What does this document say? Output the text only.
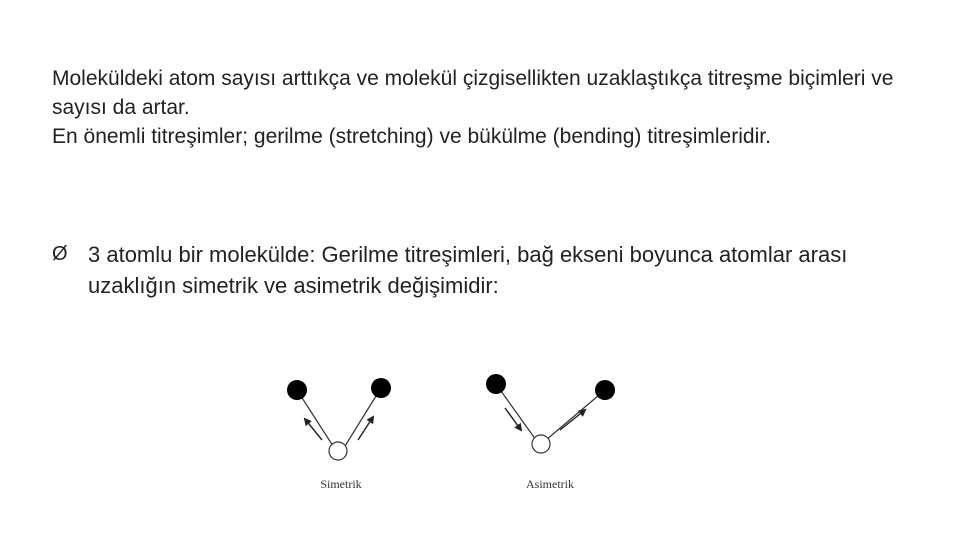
Moleküldeki atom sayısı arttıkça ve molekül çizgisellikten uzaklaştıkça titreşme biçimleri ve sayısı da artar.

En önemli titreşimler; gerilme (stretching) ve bükülme (bending) titreşimleridir.

Ø 3 atomlu bir molekülde: Gerilme titreşimleri, bağ ekseni boyunca atomlar arası uzaklığın simetrik ve asimetrik değişimidir:
Simetrik	Asimetrik
